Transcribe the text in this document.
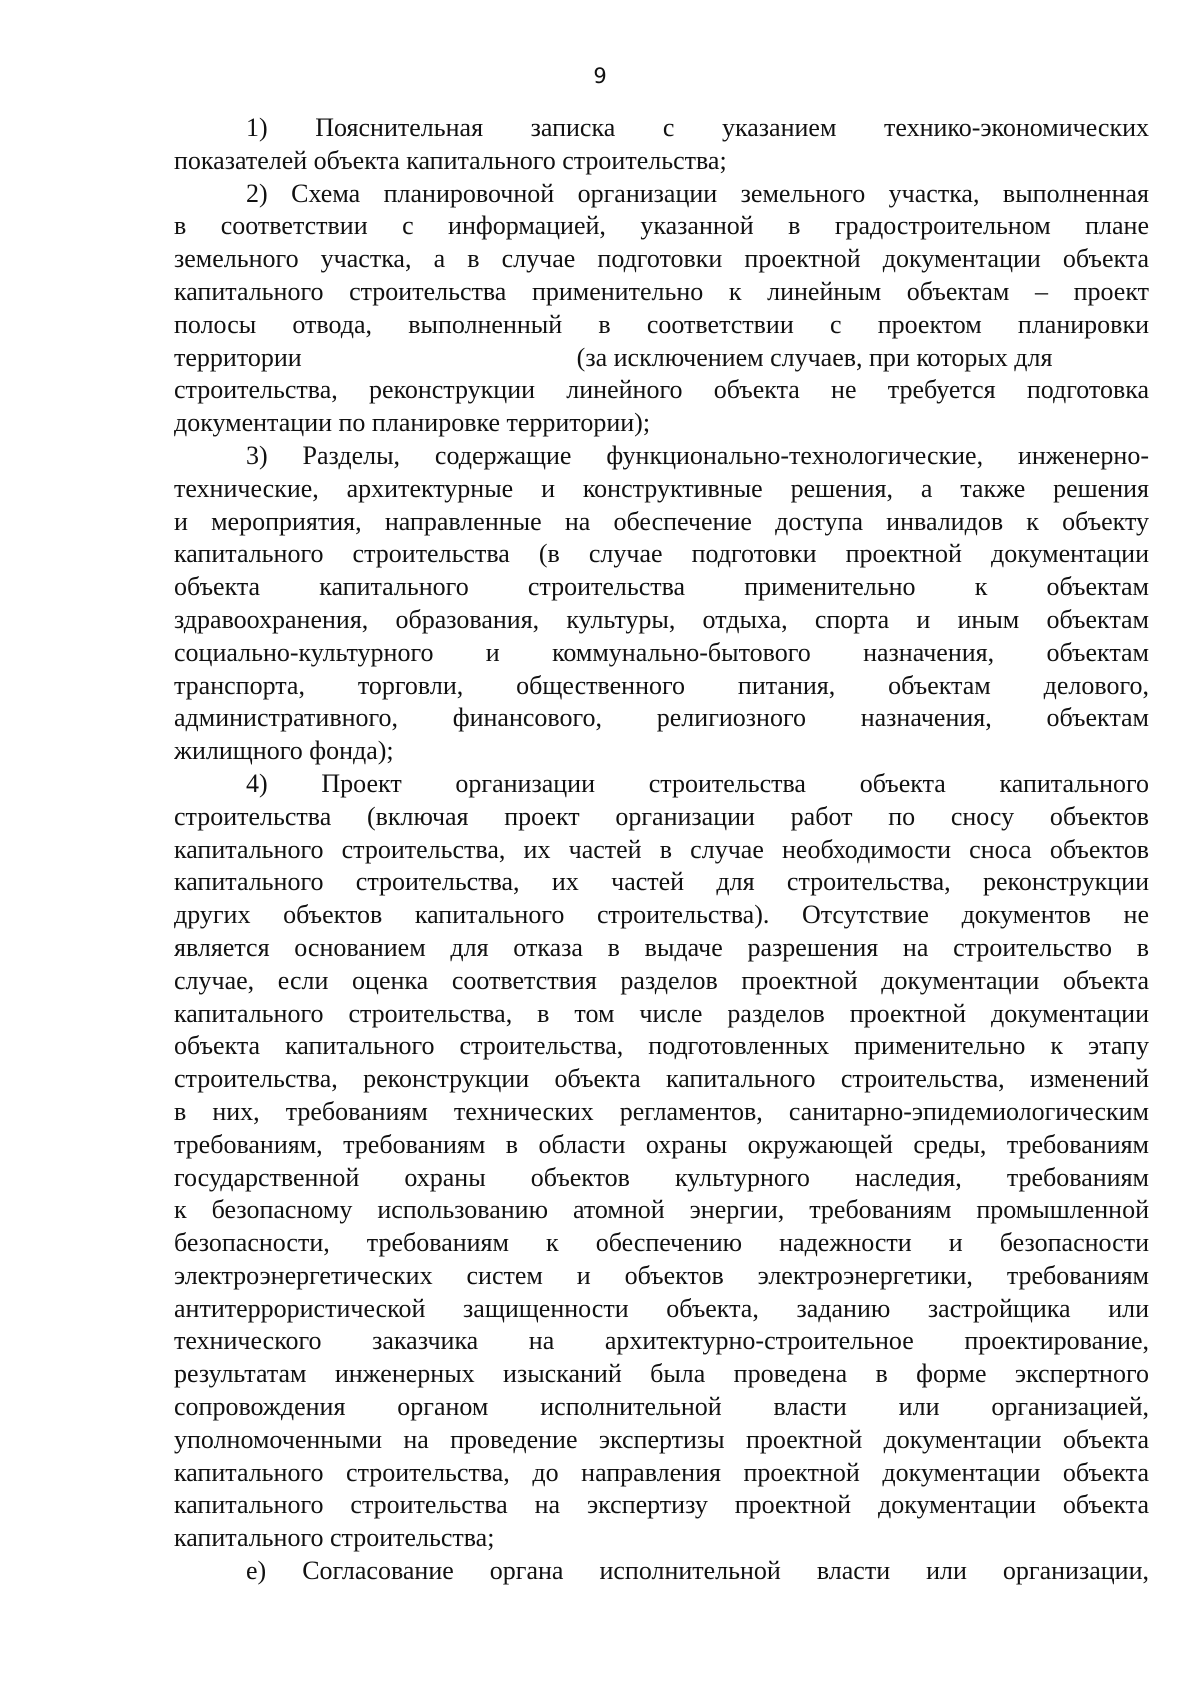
9
1) Пояснительная записка с указанием технико-экономических
показателей объекта капитального строительства;
2) Схема планировочной организации земельного участка, выполненная
в соответствии с информацией, указанной в градостроительном плане
земельного участка, а в случае подготовки проектной документации объекта
капитального строительства применительно к линейным объектам – проект
полосы отвода, выполненный в соответствии с проектом планировки
территории	(за исключением случаев, при которых для
строительства, реконструкции линейного объекта не требуется подготовка
документации по планировке территории);
3) Разделы, содержащие функционально-технологические, инженерно-
технические, архитектурные и конструктивные решения, а также решения
и мероприятия, направленные на обеспечение доступа инвалидов к объекту
капитального строительства (в случае подготовки проектной документации
объекта капитального строительства применительно к объектам
здравоохранения, образования, культуры, отдыха, спорта и иным объектам
социально-культурного и коммунально-бытового назначения, объектам
транспорта, торговли, общественного питания, объектам делового,
административного, финансового, религиозного назначения, объектам
жилищного фонда);
4) Проект организации строительства объекта капитального
строительства (включая проект организации работ по сносу объектов
капитального строительства, их частей в случае необходимости сноса объектов
капитального строительства, их частей для строительства, реконструкции
других объектов капитального строительства). Отсутствие документов не
является основанием для отказа в выдаче разрешения на строительство в
случае, если оценка соответствия разделов проектной документации объекта
капитального строительства, в том числе разделов проектной документации
объекта капитального строительства, подготовленных применительно к этапу
строительства, реконструкции объекта капитального строительства, изменений
в них, требованиям технических регламентов, санитарно-эпидемиологическим
требованиям, требованиям в области охраны окружающей среды, требованиям
государственной охраны объектов культурного наследия, требованиям
к безопасному использованию атомной энергии, требованиям промышленной
безопасности, требованиям к обеспечению надежности и безопасности
электроэнергетических систем и объектов электроэнергетики, требованиям
антитеррористической защищенности объекта, заданию застройщика или
технического заказчика на архитектурно-строительное проектирование,
результатам инженерных изысканий была проведена в форме экспертного
сопровождения органом исполнительной власти или организацией,
уполномоченными на проведение экспертизы проектной документации объекта
капитального строительства, до направления проектной документации объекта
капитального строительства на экспертизу проектной документации объекта
капитального строительства;
е) Согласование органа исполнительной власти или организации,
